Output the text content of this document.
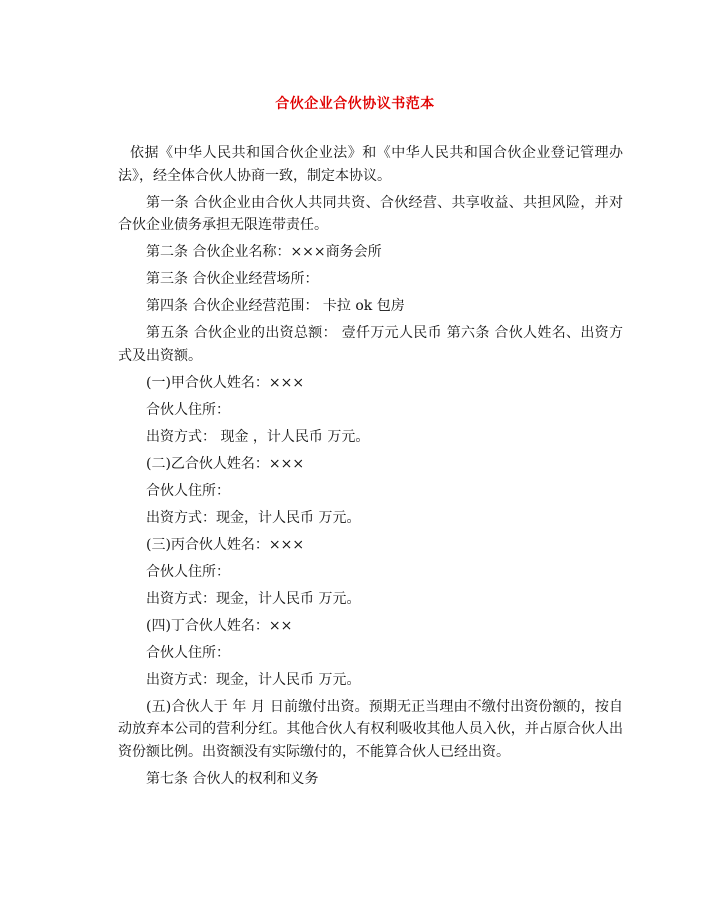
合伙企业合伙协议书范本

依据《中华人民共和国合伙企业法》和《中华人民共和国合伙企业登记管理办法》，经全体合伙人协商一致，制定本协议。

第一条 合伙企业由合伙人共同共资、合伙经营、共享收益、共担风险，并对合伙企业债务承担无限连带责任。

第二条 合伙企业名称：×××商务会所

第三条 合伙企业经营场所：

第四条 合伙企业经营范围： 卡拉 ok 包房

第五条 合伙企业的出资总额： 壹仟万元人民币 第六条 合伙人姓名、出资方式及出资额。

(一)甲合伙人姓名：×××

合伙人住所：

出资方式： 现金 ，计人民币 万元。

(二)乙合伙人姓名：×××

合伙人住所：

出资方式：现金，计人民币 万元。

(三)丙合伙人姓名：×××

合伙人住所：

出资方式：现金，计人民币 万元。

(四)丁合伙人姓名：××

合伙人住所：

出资方式：现金，计人民币 万元。

(五)合伙人于 年 月 日前缴付出资。预期无正当理由不缴付出资份额的，按自动放弃本公司的营利分红。其他合伙人有权利吸收其他人员入伙，并占原合伙人出资份额比例。出资额没有实际缴付的，不能算合伙人已经出资。

第七条 合伙人的权利和义务
